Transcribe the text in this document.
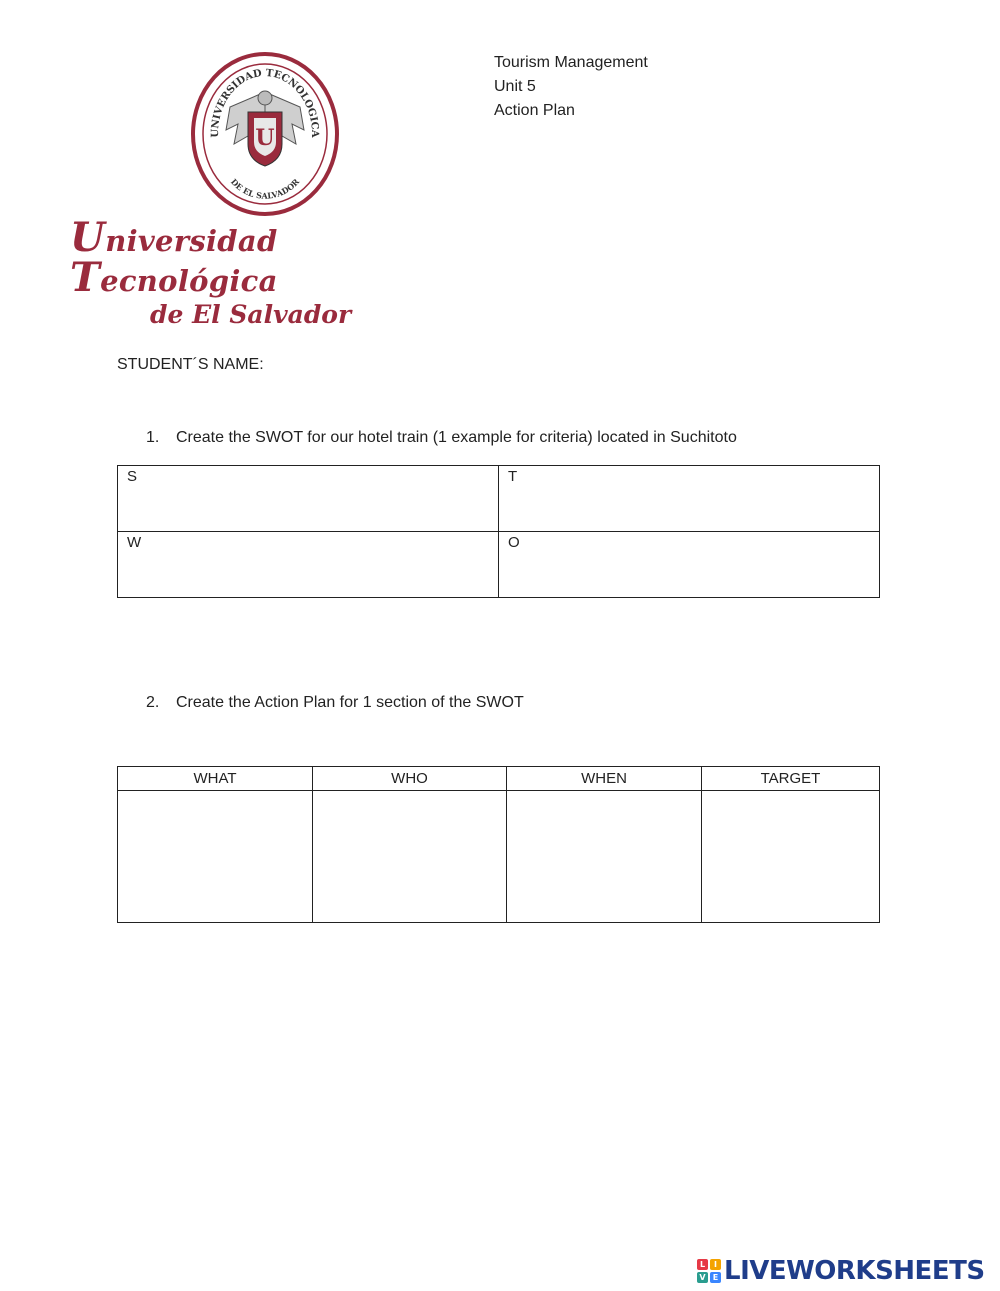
UNIVERSIDAD TECNOLOGICA
DE EL SALVADOR
U
Universidad Tecnológica
de El Salvador
Tourism Management
Unit 5
Action Plan
STUDENT´S NAME:
1. Create the SWOT for our hotel train (1 example for criteria) located in Suchitoto
S	T
W	O
2. Create the Action Plan for 1 section of the SWOT
WHAT	WHO	WHEN	TARGET

L	I
V E LIVEWORKSHEETS
